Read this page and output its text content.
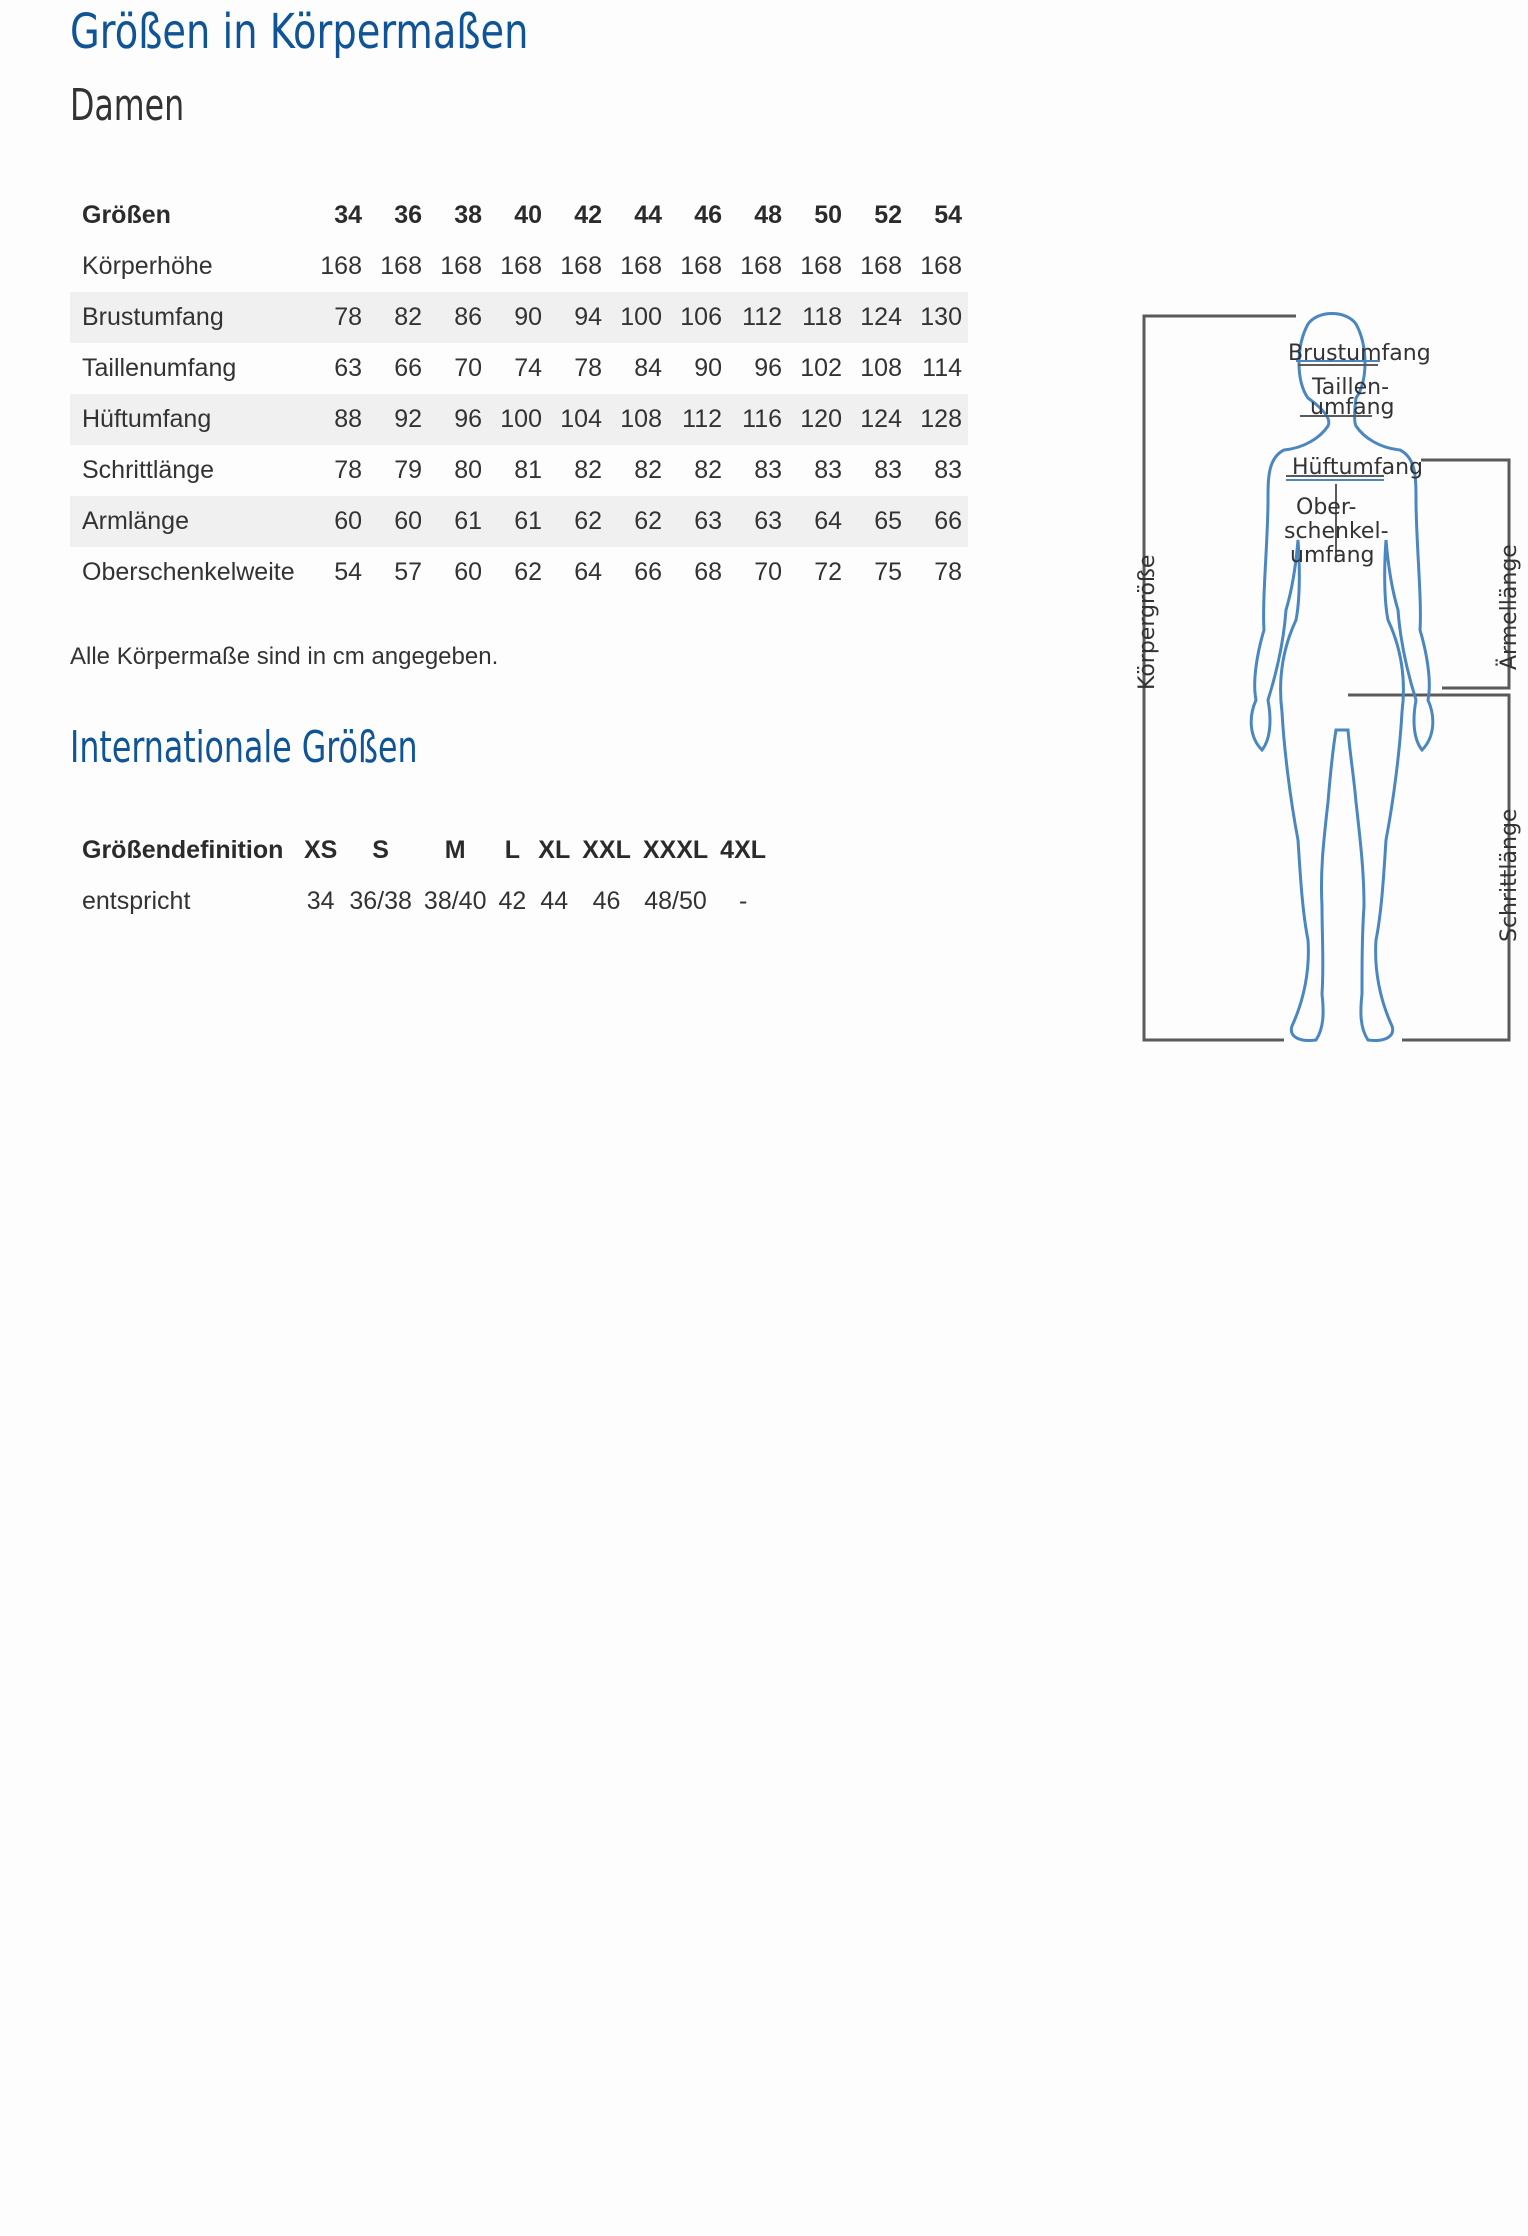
Größen in Körpermaßen
Damen
Größen	34	36	38	40	42	44	46	48	50	52	54
Körperhöhe	168	168	168	168	168	168	168	168	168	168	168
Brustumfang	78	82	86	90	94	100	106	112	118	124	130
Taillenumfang	63	66	70	74	78	84	90	96	102	108	114
Hüftumfang	88	92	96	100	104	108	112	116	120	124	128
Schrittlänge	78	79	80	81	82	82	82	83	83	83	83
Armlänge	60	60	61	61	62	62	63	63	64	65	66
Oberschenkelweite	54	57	60	62	64	66	68	70	72	75	78
Alle Körpermaße sind in cm angegeben.
Internationale Größen
Größendefinition	XS	S	M	L	XL	XXL	XXXL	4XL
entspricht	34	36/38	38/40	42	44	46	48/50	-
Brustumfang
Taillen-
umfang
Hüftumfang
Ober-
schenkel-
umfang
Körpergröße	Ärmellänge
Schrittlänge
